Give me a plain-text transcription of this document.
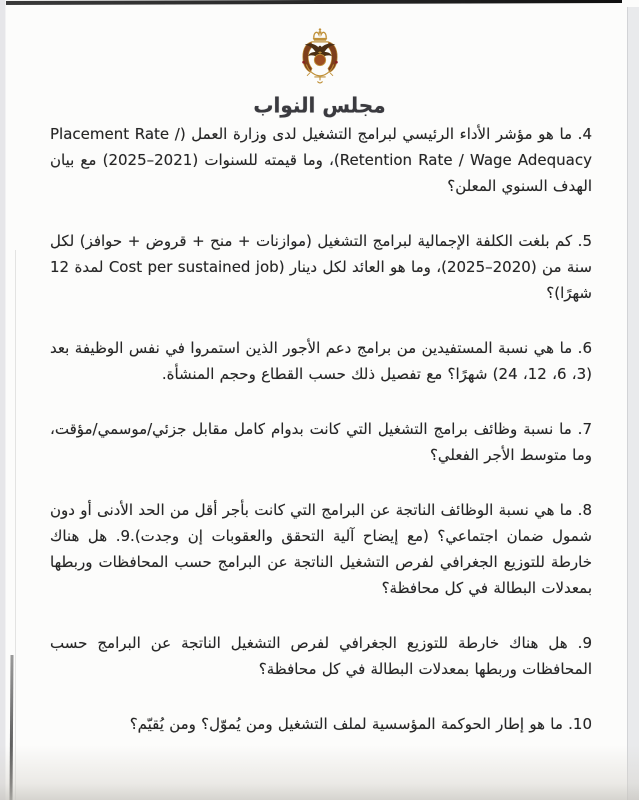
مجلس النواب

4. ما هو مؤشر الأداء الرئيسي لبرامج التشغيل لدى وزارة العمل (Placement Rate / Retention Rate / Wage Adequacy)، وما قيمته للسنوات (2021–2025) مع بيان الهدف السنوي المعلن؟

5. كم بلغت الكلفة الإجمالية لبرامج التشغيل (موازنات + منح + قروض + حوافز) لكل سنة من (2020–2025)، وما هو العائد لكل دينار (Cost per sustained job لمدة 12 شهرًا)؟

6. ما هي نسبة المستفيدين من برامج دعم الأجور الذين استمروا في نفس الوظيفة بعد (3، 6، 12، 24) شهرًا؟ مع تفصيل ذلك حسب القطاع وحجم المنشأة.

7. ما نسبة وظائف برامج التشغيل التي كانت بدوام كامل مقابل جزئي/موسمي/مؤقت، وما متوسط الأجر الفعلي؟

8. ما هي نسبة الوظائف الناتجة عن البرامج التي كانت بأجر أقل من الحد الأدنى أو دون شمول ضمان اجتماعي؟ (مع إيضاح آلية التحقق والعقوبات إن وجدت).9. هل هناك خارطة للتوزيع الجغرافي لفرص التشغيل الناتجة عن البرامج حسب المحافظات وربطها بمعدلات البطالة في كل محافظة؟

9. هل هناك خارطة للتوزيع الجغرافي لفرص التشغيل الناتجة عن البرامج حسب المحافظات وربطها بمعدلات البطالة في كل محافظة؟

10. ما هو إطار الحوكمة المؤسسية لملف التشغيل ومن يُموّل؟ ومن يُقيّم؟
